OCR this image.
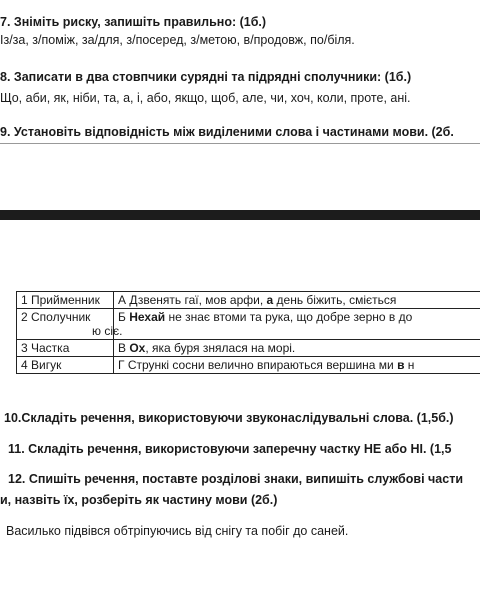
7. Зніміть риску, запишіть правильно: (1б.)
Із/за, з/поміж, за/для, з/посеред, з/метою, в/продовж, по/біля.
8. Записати в два стовпчики сурядні та підрядні сполучники: (1б.)
Що, аби, як, ніби, та, а, і, або, якщо, щоб, але, чи, хоч, коли, проте, ані.
9. Установіть відповідність між виділеними слова і частинами мови. (2б.
1 Прийменник	А Дзвенять гаї, мов арфи, а день біжить, сміється
2 Сполучник	Б Нехай не знає втоми та рука, що добре зерно в до
ю сіє.

3 Частка	В Ох, яка буря знялася на морі.
4 Вигук	Г Стрункі сосни велично впираються вершина ми в н
10.Складіть речення, використовуючи звуконаслідувальні слова. (1,5б.)
11. Складіть речення, використовуючи заперечну частку НЕ або НІ. (1,5
12. Спишіть речення, поставте розділові знаки, випишіть службові части
и, назвіть їх, розберіть як частину мови (2б.)
Василько підвівся обтріпуючись від снігу та побіг до саней.
